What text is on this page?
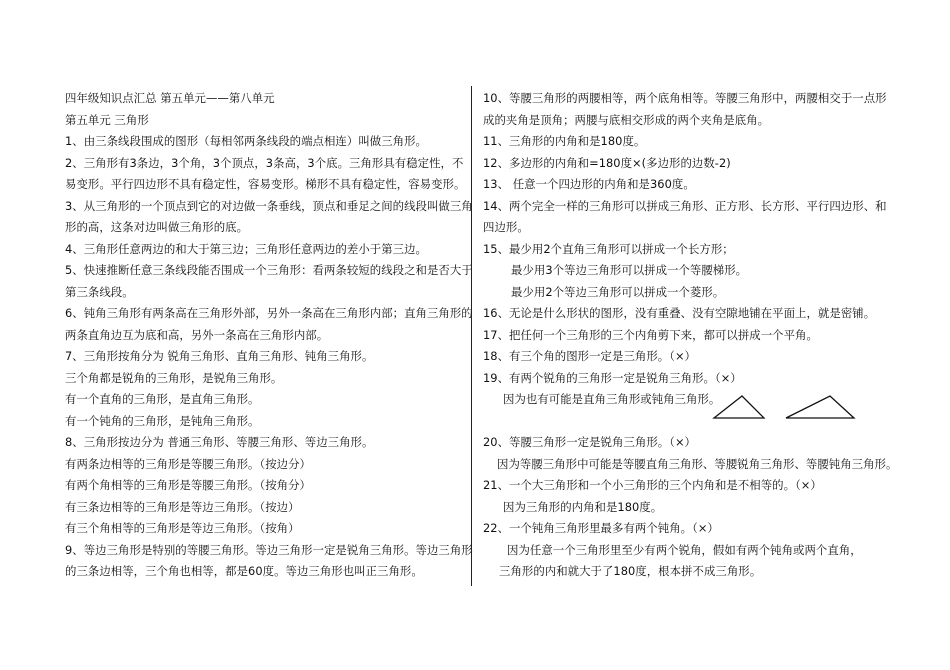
四年级知识点汇总 第五单元——第八单元
第五单元 三角形
1、由三条线段围成的图形（每相邻两条线段的端点相连）叫做三角形。
2、三角形有3条边，3个角，3个顶点，3条高，3个底。三角形具有稳定性，不
易变形。平行四边形不具有稳定性，容易变形。梯形不具有稳定性，容易变形。
3、从三角形的一个顶点到它的对边做一条垂线，顶点和垂足之间的线段叫做三角
形的高，这条对边叫做三角形的底。
4、三角形任意两边的和大于第三边；三角形任意两边的差小于第三边。
5、快速推断任意三条线段能否围成一个三角形：看两条较短的线段之和是否大于
第三条线段。
6、钝角三角形有两条高在三角形外部，另外一条高在三角形内部；直角三角形的
两条直角边互为底和高，另外一条高在三角形内部。
7、三角形按角分为 锐角三角形、直角三角形、钝角三角形。
三个角都是锐角的三角形，是锐角三角形。
有一个直角的三角形，是直角三角形。
有一个钝角的三角形，是钝角三角形。
8、三角形按边分为 普通三角形、等腰三角形、等边三角形。
有两条边相等的三角形是等腰三角形。（按边分）
有两个角相等的三角形是等腰三角形。（按角分）
有三条边相等的三角形是等边三角形。（按边）
有三个角相等的三角形是等边三角形。（按角）
9、等边三角形是特别的等腰三角形。等边三角形一定是锐角三角形。等边三角形
的三条边相等，三个角也相等，都是60度。等边三角形也叫正三角形。
10、等腰三角形的两腰相等，两个底角相等。等腰三角形中，两腰相交于一点形
成的夹角是顶角；两腰与底相交形成的两个夹角是底角。
11、三角形的内角和是180度。
12、多边形的内角和=180度×(多边形的边数-2)
13、 任意一个四边形的内角和是360度。
14、两个完全一样的三角形可以拼成三角形、正方形、长方形、平行四边形、和
四边形。
15、最少用2个直角三角形可以拼成一个长方形；
最少用3个等边三角形可以拼成一个等腰梯形。
最少用2个等边三角形可以拼成一个菱形。
16、无论是什么形状的图形，没有重叠、没有空隙地铺在平面上，就是密铺。
17、把任何一个三角形的三个内角剪下来，都可以拼成一个平角。
18、有三个角的图形一定是三角形。（×）
19、有两个锐角的三角形一定是锐角三角形。（×）
因为也有可能是直角三角形或钝角三角形。
20、等腰三角形一定是锐角三角形。（×）
因为等腰三角形中可能是等腰直角三角形、等腰锐角三角形、等腰钝角三角形。
21、一个大三角形和一个小三角形的三个内角和是不相等的。（×）
因为三角形的内角和是180度。
22、一个钝角三角形里最多有两个钝角。（×）
因为任意一个三角形里至少有两个锐角，假如有两个钝角或两个直角，
三角形的内和就大于了180度，根本拼不成三角形。
